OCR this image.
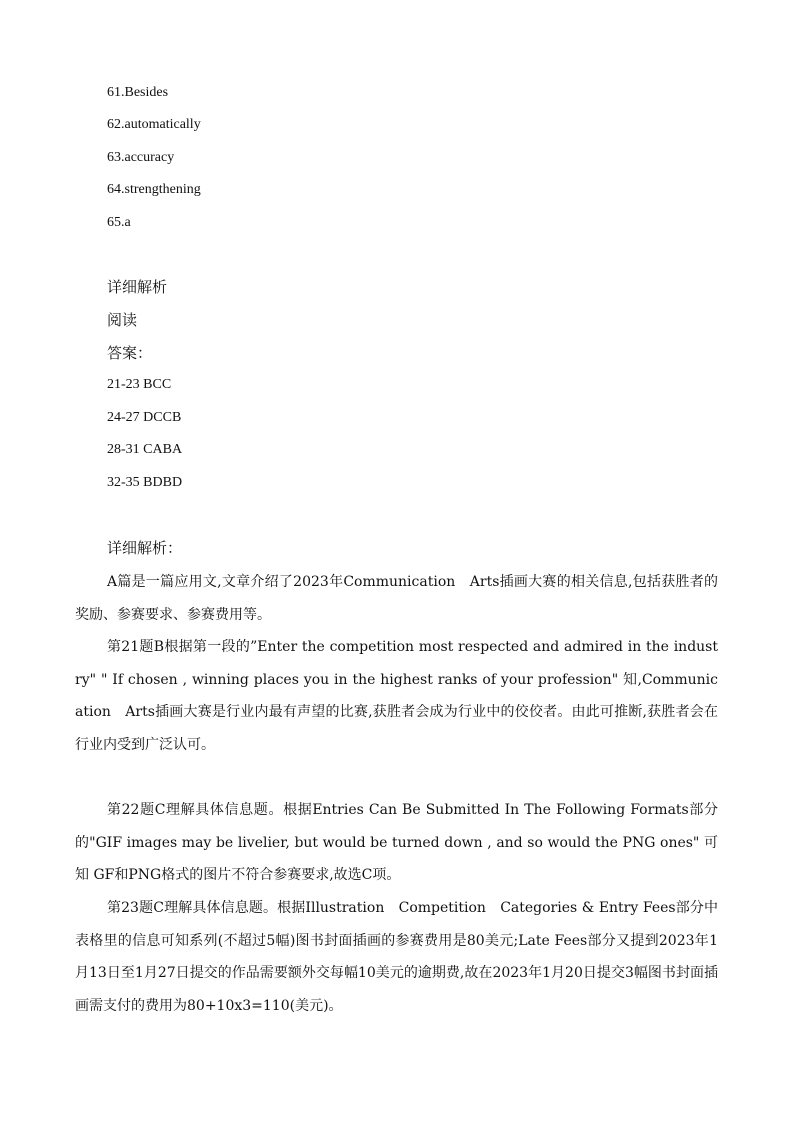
61.Besides
62.automatically
63.accuracy
64.strengthening
65.a
详细解析
阅读
答案：
21-23 BCC
24-27 DCCB
28-31 CABA
32-35 BDBD
详细解析：
A篇是一篇应用文,文章介绍了2023年Communication　Arts插画大赛的相关信息,包括获胜者的奖励、参赛要求、参赛费用等。
第21题B根据第一段的”Enter the competition most respected and admired in the industry" " If chosen , winning places you in the highest ranks of your profession" 知,Communication　Arts插画大赛是行业内最有声望的比赛,获胜者会成为行业中的佼佼者。由此可推断,获胜者会在行业内受到广泛认可。
第22题C理解具体信息题。根据Entries Can Be Submitted In The Following Formats部分的"GIF images may be livelier, but would be turned down , and so would the PNG ones" 可知 GF和PNG格式的图片不符合参赛要求,故选C项。
第23题C理解具体信息题。根据Illustration　Competition　Categories & Entry Fees部分中表格里的信息可知系列(不超过5幅)图书封面插画的参赛费用是80美元;Late Fees部分又提到2023年1月13日至1月27日提交的作品需要额外交每幅10美元的逾期费,故在2023年1月20日提交3幅图书封面插画需支付的费用为80+10x3=110(美元)。
